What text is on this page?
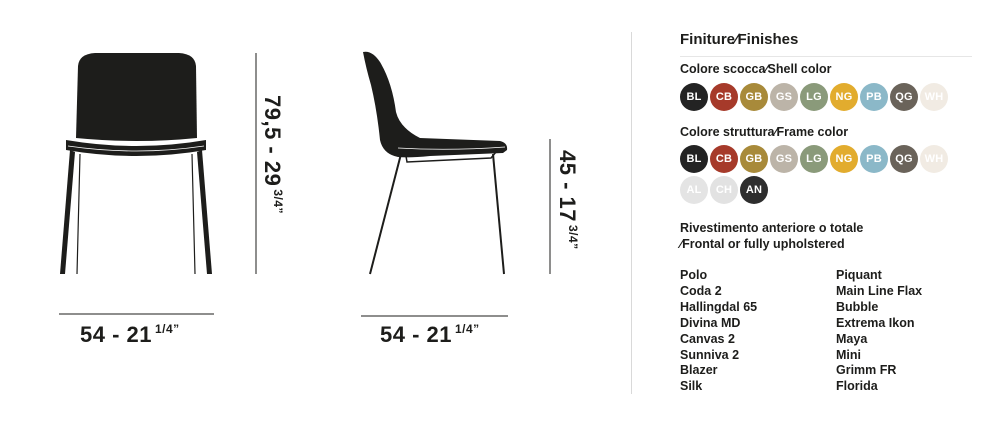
54 - 21 $^{1/4”}$	54 - 21 $^{1/4”}$
$79,5 - 29^{3/4”}$	$45 - 17^{3/4”}$
Finiture∕Finishes
Colore scocca∕Shell color
BL	CB	GB	GS	LG	NG	PB	QG	WH
Colore struttura∕Frame color
BL	CB	GB	GS	LG	NG	PB	QG	WH
AL	CH	AN
Rivestimento anteriore o totale
∕Frontal or fully upholstered
Polo
Coda 2
Hallingdal 65
Divina MD
Canvas 2
Sunniva 2
Blazer
Silk
Piquant
Main Line Flax
Bubble
Extrema Ikon
Maya
Mini
Grimm FR
Florida
